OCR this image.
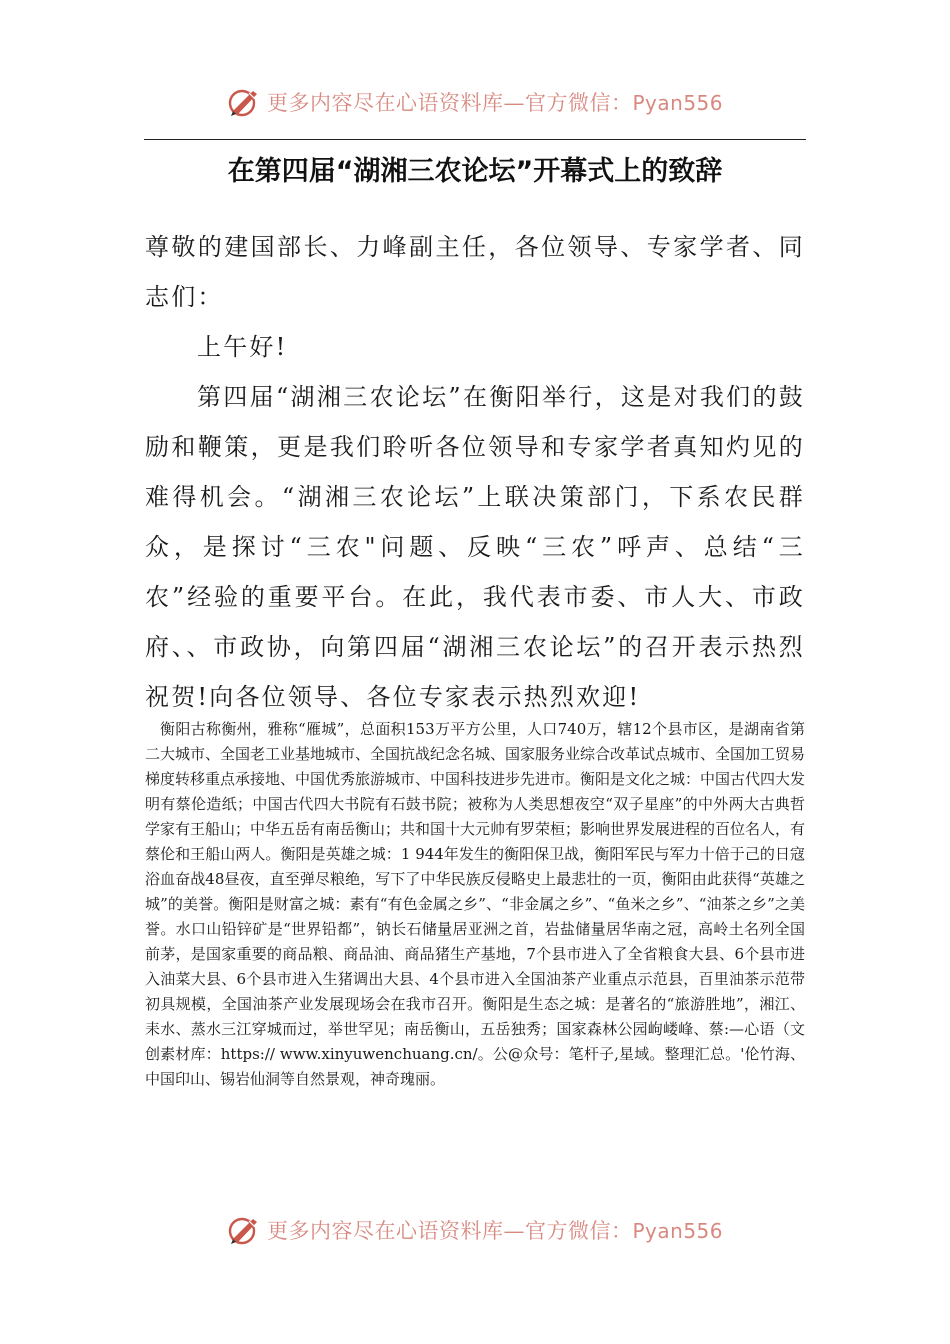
更多内容尽在心语资料库—官方微信：Pyan556
在第四届“湖湘三农论坛”开幕式上的致辞

尊敬的建国部长、力峰副主任，各位领导、专家学者、同志们：

上午好!

第四届“湖湘三农论坛”在衡阳举行，这是对我们的鼓励和鞭策，更是我们聆听各位领导和专家学者真知灼见的难得机会。“湖湘三农论坛”上联决策部门，下系农民群众，是探讨“三农"问题、反映“三农”呼声、总结“三农”经验的重要平台。在此，我代表市委、市人大、市政府、、市政协，向第四届“湖湘三农论坛”的召开表示热烈祝贺!向各位领导、各位专家表示热烈欢迎!

衡阳古称衡州，雅称“雁城”，总面积153万平方公里，人口740万，辖12个县市区，是湖南省第二大城市、全国老工业基地城市、全国抗战纪念名城、国家服务业综合改革试点城市、全国加工贸易梯度转移重点承接地、中国优秀旅游城市、中国科技进步先进市。衡阳是文化之城：中国古代四大发明有蔡伦造纸；中国古代四大书院有石鼓书院；被称为人类思想夜空“双子星座”的中外两大古典哲学家有王船山；中华五岳有南岳衡山；共和国十大元帅有罗荣桓；影响世界发展进程的百位名人，有蔡伦和王船山两人。衡阳是英雄之城：1 944年发生的衡阳保卫战，衡阳军民与军力十倍于己的日寇浴血奋战48昼夜，直至弹尽粮绝，写下了中华民族反侵略史上最悲壮的一页，衡阳由此获得“英雄之城”的美誉。衡阳是财富之城：素有“有色金属之乡”、“非金属之乡”、“鱼米之乡”、“油茶之乡”之美誉。水口山铅锌矿是“世界铅都”，钠长石储量居亚洲之首，岩盐储量居华南之冠，高岭土名列全国前茅，是国家重要的商品粮、商品油、商品猪生产基地，7个县市进入了全省粮食大县、6个县市进入油菜大县、6个县市进入生猪调出大县、4个县市进入全国油茶产业重点示范县，百里油茶示范带初具规模，全国油茶产业发展现场会在我市召开。衡阳是生态之城：是著名的“旅游胜地”，湘江、耒水、蒸水三江穿城而过，举世罕见；南岳衡山，五岳独秀；国家森林公园岣嵝峰、蔡:—心语（文创素材库：https:// www.xinyuwenchuang.cn/。公@众号：笔杆子,星域。整理汇总。'伦竹海、中国印山、锡岩仙洞等自然景观，神奇瑰丽。

更多内容尽在心语资料库—官方微信：Pyan556
